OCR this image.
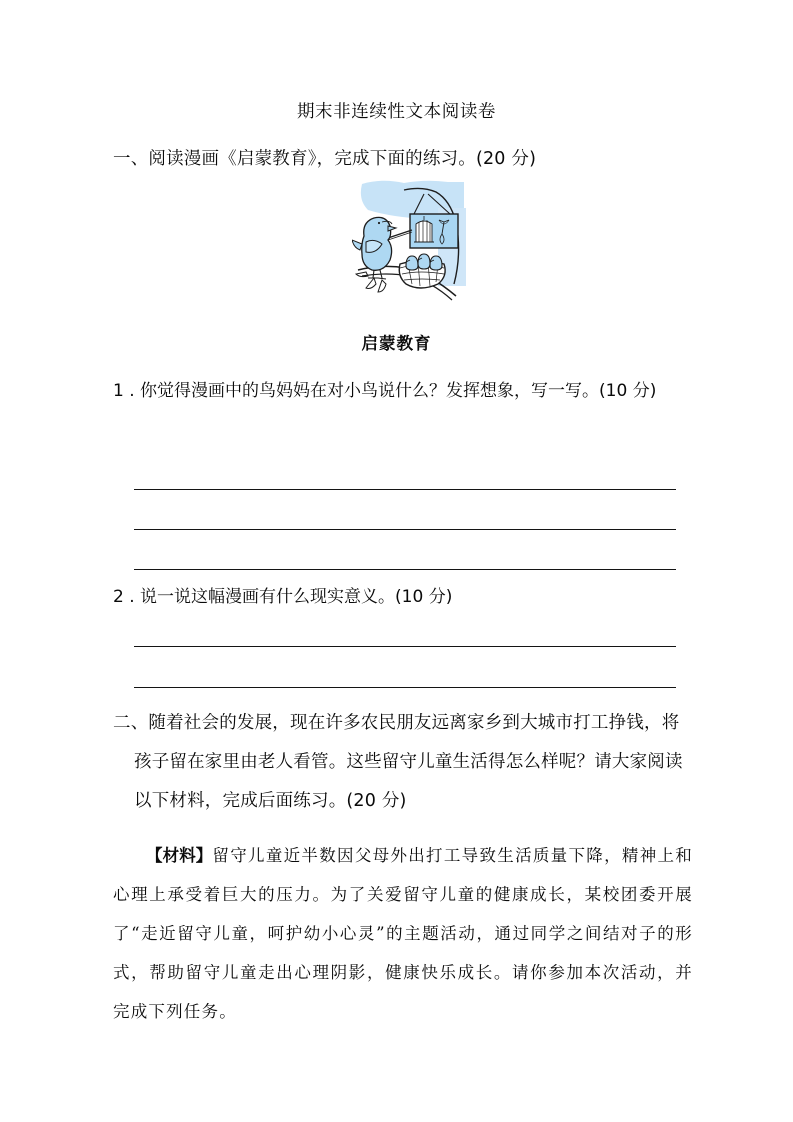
期末非连续性文本阅读卷
一、阅读漫画《启蒙教育》，完成下面的练习。(20 分)
启蒙教育
1 . 你觉得漫画中的鸟妈妈在对小鸟说什么？发挥想象，写一写。(10 分)
2 . 说一说这幅漫画有什么现实意义。(10 分)
二、随着社会的发展，现在许多农民朋友远离家乡到大城市打工挣钱，将孩子留在家里由老人看管。这些留守儿童生活得怎么样呢？请大家阅读以下材料，完成后面练习。(20 分)
【材料】留守儿童近半数因父母外出打工导致生活质量下降，精神上和心理上承受着巨大的压力。为了关爱留守儿童的健康成长，某校团委开展了“走近留守儿童，呵护幼小心灵”的主题活动，通过同学之间结对子的形式，帮助留守儿童走出心理阴影，健康快乐成长。请你参加本次活动，并完成下列任务。
